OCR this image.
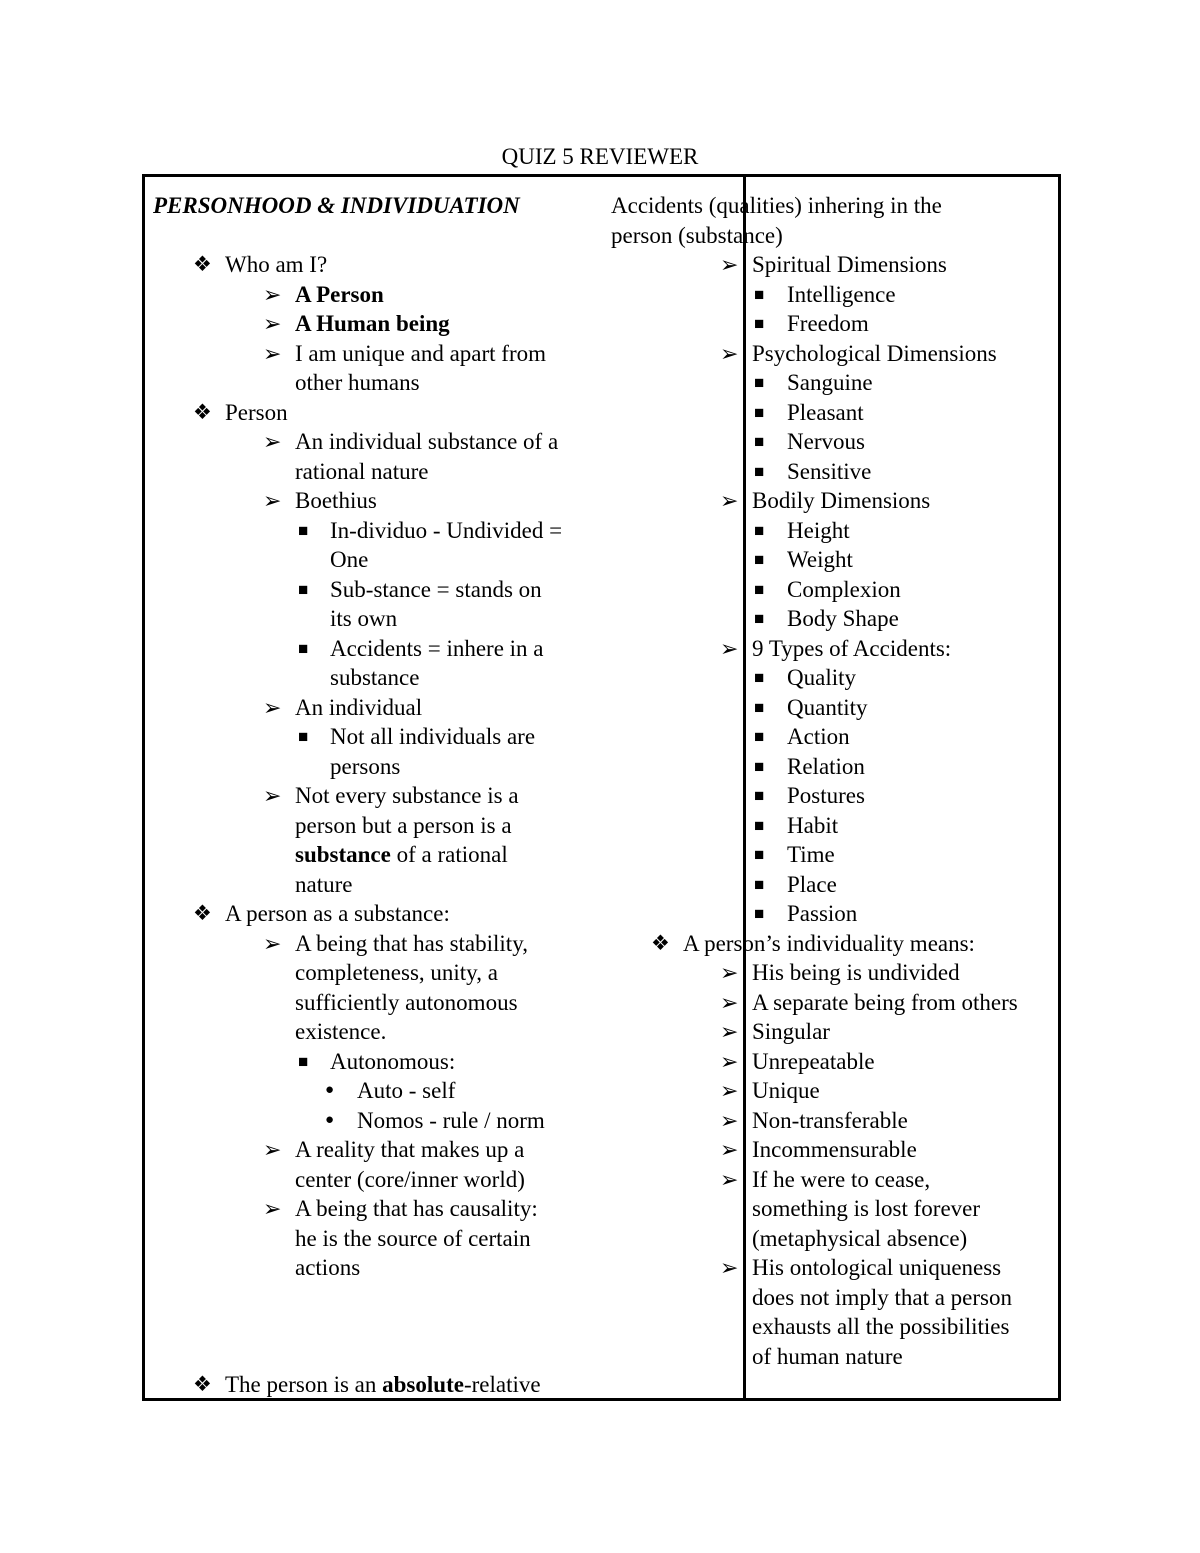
QUIZ 5 REVIEWER
PERSONHOOD & INDIVIDUATION
❖ Who am I?
➢ A Person
➢ A Human being
➢ I am unique and apart from
other humans
❖ Person
➢ An individual substance of a
rational nature
➢ Boethius
■ In-dividuo - Undivided =
One
■ Sub-stance = stands on
its own
■ Accidents = inhere in a
substance
➢ An individual
■ Not all individuals are
persons
➢ Not every substance is a
person but a person is a
substance of a rational
nature
❖ A person as a substance:
➢ A being that has stability,
completeness, unity, a
sufficiently autonomous
existence.
■ Autonomous:
● Auto - self
● Nomos - rule / norm
➢ A reality that makes up a
center (core/inner world)
➢ A being that has causality:
he is the source of certain
actions
❖ The person is an absolute-relative
Accidents (qualities) inhering in the
person (substance)
➢ Spiritual Dimensions
■ Intelligence
■ Freedom
➢ Psychological Dimensions
■ Sanguine
■ Pleasant
■ Nervous
■ Sensitive
➢ Bodily Dimensions
■ Height
■ Weight
■ Complexion
■ Body Shape
➢ 9 Types of Accidents:
■ Quality
■ Quantity
■ Action
■ Relation
■ Postures
■ Habit
■ Time
■ Place
■ Passion
❖ A person’s individuality means:
➢ His being is undivided
➢ A separate being from others
➢ Singular
➢ Unrepeatable
➢ Unique
➢ Non-transferable
➢ Incommensurable
➢ If he were to cease,
something is lost forever
(metaphysical absence)
➢ His ontological uniqueness
does not imply that a person
exhausts all the possibilities
of human nature
